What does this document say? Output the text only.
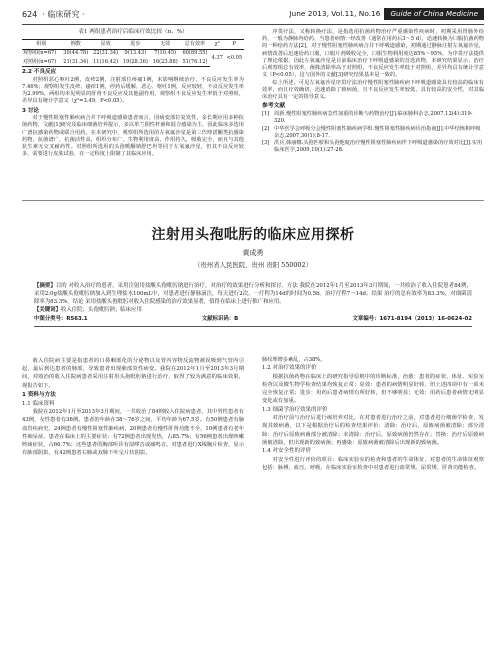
624  · 临床研究 ·	June 2013, Vol.11, No.16	Guide of China Medicine
表1 两组患者治疗后临床疗效比较（n，%）
组别	例数	显效	进步	无效	总有效率	χ²	P
观察组(n=67)	30(44.78)	22(31.34)	9(13.43)	7(10.45)	60(89.55)	4.37	<0.05
对照组(n=67)	21(31.34)	11(16.42)	19(28.36)	16(23.88)	51(76.12)		
2.2 不良反应

对照组恶心呕吐2例，皮疹2例，注射部位疼痛1例，未影响继续治疗，不良反应发生率为7.46%；观察组发生皮疹、瘙痒1例，停药后缓解，恶心、呕吐1例，反应较轻，不良反应发生率为2.99%，两组均未见明显的肝肾不良反应及其他副作用。观察组不良反应发生率低于对照组，差异具有统计学意义（χ²=3.49，P<0.05）。

3 讨论

对于慢性阻塞性肺疾病合并下呼吸道感染患者而言，因病变部位复发性，多长期应用多种抗菌药物，文献[1]研究及临床细菌培养提示，多以革兰阴性杆菌和混合感染为主，因此临床多选用广谱抗感染药物或联合用药。在本研究中，观察组所选用的左氧氟沙星是第三代喹诺酮类抗感染药物，抗菌谱广，抗菌活性高，组织分布广，生物利用度高，作用持久，吸收完全，而且与其他抗生素无交叉耐药性。对照组所选用的头孢哌酮钠舒巴坦等同于左氧氟沙星，但其不良反应较多，需要进行皮肤试验，在一定程度上限制了其临床应用。

序贯疗法，又称转换疗法，是指选用抗菌药物治疗严重感染性疾病时，初期采用胃肠外给药，一般为静脉内给药，当患者病情一经改善（通常在用药后3～5 d），迅速转换为口服抗菌药物的一种给药方法[2]。对于慢性阻塞性肺疾病合并下呼吸道感染，初期通过静脉注射左氧氟沙星，病情改善后迅速给药口服，口服片剂吸收完全，口服生物利用度达85%～95%，为序贯疗法提供了理论依据，因此左氧氟沙星是目前临床治疗下呼吸道感染的首选药物，本研究结果显示，治疗后观察组总有效率，菌株清除率高于对照组，不良反应发生率低于对照组，差异均具有统计学意义（P<0.05），这与国外的文献[3]研究结果基本是一致的。

综上所述，可见左氧氟沙星序贯疗法治疗慢性阻塞性肺疾病下呼吸道感染具有较高的临床有效率，而且疗效确切，迅速消除了致病菌，且不良反应发生率较低，具有较高的安全性，对其临床治疗具有一定的指导意义。

参考文献
[1] 周新.慢性阻塞性肺疾病急性加重的诊断与药物治疗[J].临床肺科杂志,2007,12(4):319-320.
[2] 中华医学会呼吸分会慢性阻塞性肺疾病学组.慢性阻塞性肺疾病诊治指南[J].中华结核和呼吸杂志,2007,30(1):8-17.
[3] 洪兵,韩丽娜.头孢匹胺和头孢他啶治疗慢性阻塞性肺疾病伴下呼吸道感染的疗效对比[J].实用临床医学,2009,10(1):27-28.
注射用头孢吡肟的临床应用探析
黄成勇
（贵州省人民医院，贵州 贵阳 550002）
【摘要】目的 对收入治疗的患者，采用注射用盐酸头孢吡肟钠进行治疗，对治疗的效果进行分析和探讨。方法 我院在2012年1月至2013年3月期间，一共收治了收入住院患者84例，采用2.0g盐酸头孢吡肟钠加入到生理盐水100mL中，对患者进行静脉滴注，每天进行2次，一疗程为14d的时间为0.5h。治疗疗程7～14d。结果 治疗的总有效率为83.3%，对细菌清除率为83.3%。结论 采用盐酸头孢吡肟对收入住院感染的治疗效果显著，值得在临床上进行推广和应用。
【关键词】收入住院；头孢吡肟钠；临床应用
中图分类号：R563.1	文献标识码：B	文章编号：1671-8194（2013）16-0624-02

收入住院病主要是指患者的口鼻咽部化的分泌物以及胃内容物反流物被误吸到气管内引起，最后到达患者的肺部，导致患者出现肺部炎性病变。我院在2012年1月至2013年3月期间，对收治的收入住院病患者采用注射用头孢吡肟钠进行治疗，取得了较为满意的临床效果，现报告如下。

1 资料与方法
1.1 临床资料

我院在2012年1月至2013年3月期间，一共收治了84例收入住院病患者，其中男性患者有43例，女性患者有38例。患者的年龄在38～76岁之间，平均年龄为67.5岁。有50例患者有脑血管疾病史，24例患者有慢性阻塞性肺疾病，20例患者有慢性肝肾功能不全，10例患者有老年性痴呆症，患者在临床上的主要症状：有72例患者出现发热，占85.7%；有56例患者出现咳嗽咳痰症状，占66.7%；这些患者的胸部听诊有湿啰音或痰鸣音。对患者进行X线胸片检查，显示有肺部阴影，有42例患者右肺或双肺下叶呈片状阴影。

肺纹理增多紊乱，占38%。

1.2 对治疗效果的评价

根据抗菌药物在临床上的研究指导原则中的诊断标准，治愈：患者的症状、体征、实验室检查以及微生物学检查结果均恢复正常；显效：患者的病情明显好转，但上述四项中有一项未完全恢复正常；进步：用药后患者病情有所好转，但不够明显；无效：用药后患者病情无明显变化或有加重。

1.3 细菌学治疗效果的评价

对治疗前与治疗后进行痰培养对比，在对患者进行治疗之前，对患者进行细菌学检查，发现其致病菌，以下是根据治疗后的检查结果评价：清除：治疗后，原致病菌被清除；部分清除：治疗后原致病菌部分被清除；未清除：治疗后，原致病菌仍然存在；替换：治疗后原致病菌被清除，但出现新的致病菌；再感染：原致病菌被清除后出现新的致病菌。

1.4 对安全性的评价

对安全性进行评价的项目：临床实验室的检查和患者的生命体征，对患者的生命体征观察包括：脉搏，血压，呼吸，在临床实验室检查中对患者进行血常规、尿常规、肝肾功能检查。
